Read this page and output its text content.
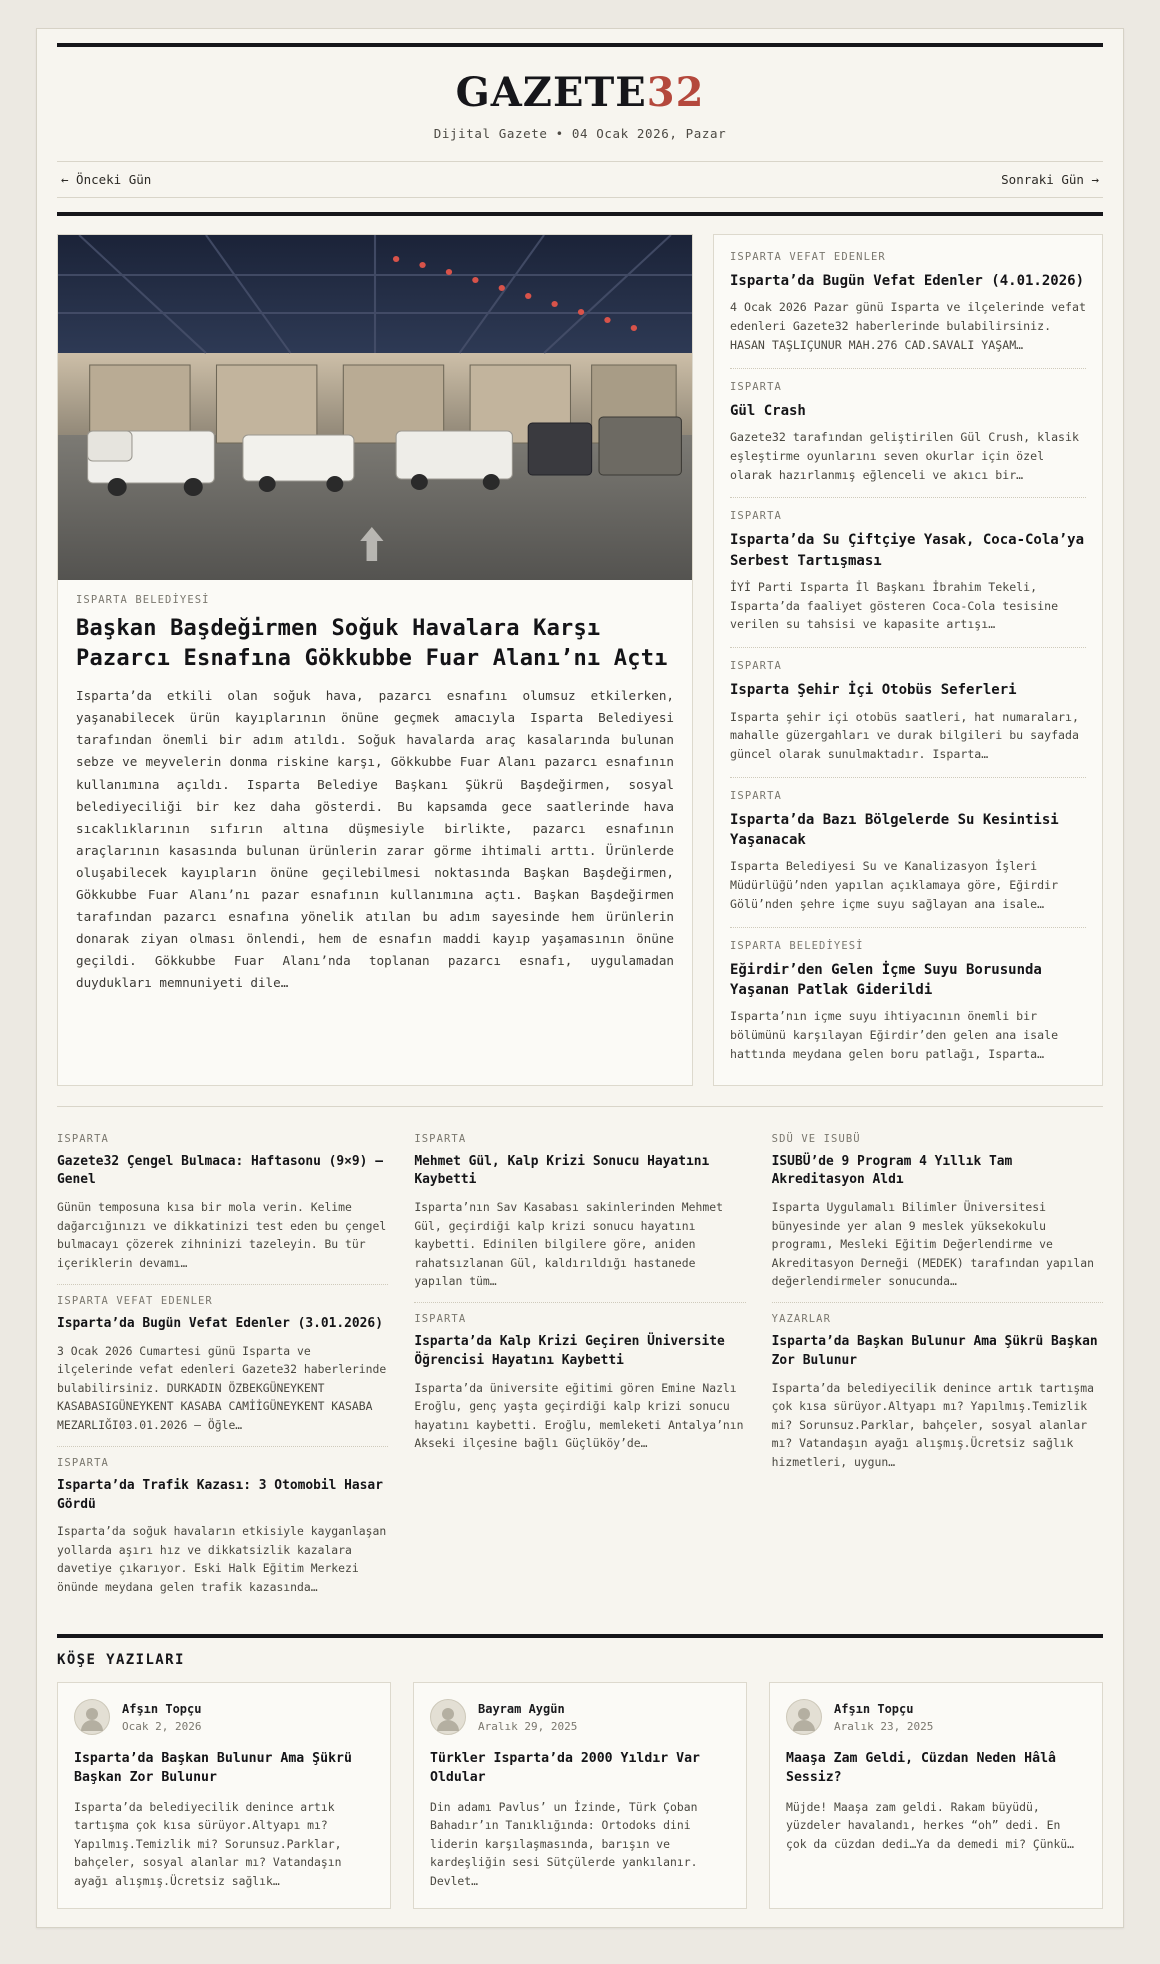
GAZETE32
Dijital Gazete • 04 Ocak 2026, Pazar
← Önceki Gün	Sonraki Gün →
ISPARTA BELEDİYESİ
Başkan Başdeğirmen Soğuk Havalara Karşı Pazarcı Esnafına Gökkubbe Fuar Alanı’nı Açtı

Isparta’da etkili olan soğuk hava, pazarcı esnafını olumsuz etkilerken, yaşanabilecek ürün kayıplarının önüne geçmek amacıyla Isparta Belediyesi tarafından önemli bir adım atıldı. Soğuk havalarda araç kasalarında bulunan sebze ve meyvelerin donma riskine karşı, Gökkubbe Fuar Alanı pazarcı esnafının kullanımına açıldı. Isparta Belediye Başkanı Şükrü Başdeğirmen, sosyal belediyeciliği bir kez daha gösterdi. Bu kapsamda gece saatlerinde hava sıcaklıklarının sıfırın altına düşmesiyle birlikte, pazarcı esnafının araçlarının kasasında bulunan ürünlerin zarar görme ihtimali arttı. Ürünlerde oluşabilecek kayıpların önüne geçilebilmesi noktasında Başkan Başdeğirmen, Gökkubbe Fuar Alanı’nı pazar esnafının kullanımına açtı. Başkan Başdeğirmen tarafından pazarcı esnafına yönelik atılan bu adım sayesinde hem ürünlerin donarak ziyan olması önlendi, hem de esnafın maddi kayıp yaşamasının önüne geçildi. Gökkubbe Fuar Alanı’nda toplanan pazarcı esnafı, uygulamadan duydukları memnuniyeti dile…

ISPARTA VEFAT EDENLER
Isparta’da Bugün Vefat Edenler (4.01.2026)

4 Ocak 2026 Pazar günü Isparta ve ilçelerinde vefat edenleri Gazete32 haberlerinde bulabilirsiniz. HASAN TAŞLIÇUNUR MAH.276 CAD.SAVALI YAŞAM…

ISPARTA
Gül Crash

Gazete32 tarafından geliştirilen Gül Crush, klasik eşleştirme oyunlarını seven okurlar için özel olarak hazırlanmış eğlenceli ve akıcı bir…

ISPARTA
Isparta’da Su Çiftçiye Yasak, Coca-Cola’ya Serbest Tartışması

İYİ Parti Isparta İl Başkanı İbrahim Tekeli, Isparta’da faaliyet gösteren Coca-Cola tesisine verilen su tahsisi ve kapasite artışı…

ISPARTA
Isparta Şehir İçi Otobüs Seferleri

Isparta şehir içi otobüs saatleri, hat numaraları, mahalle güzergahları ve durak bilgileri bu sayfada güncel olarak sunulmaktadır. Isparta…

ISPARTA
Isparta’da Bazı Bölgelerde Su Kesintisi Yaşanacak

Isparta Belediyesi Su ve Kanalizasyon İşleri Müdürlüğü’nden yapılan açıklamaya göre, Eğirdir Gölü’nden şehre içme suyu sağlayan ana isale…

ISPARTA BELEDİYESİ
Eğirdir’den Gelen İçme Suyu Borusunda Yaşanan Patlak Giderildi

Isparta’nın içme suyu ihtiyacının önemli bir bölümünü karşılayan Eğirdir’den gelen ana isale hattında meydana gelen boru patlağı, Isparta…

ISPARTA
Gazete32 Çengel Bulmaca: Haftasonu (9×9) – Genel

Günün temposuna kısa bir mola verin. Kelime dağarcığınızı ve dikkatinizi test eden bu çengel bulmacayı çözerek zihninizi tazeleyin. Bu tür içeriklerin devamı…

ISPARTA VEFAT EDENLER
Isparta’da Bugün Vefat Edenler (3.01.2026)

3 Ocak 2026 Cumartesi günü Isparta ve ilçelerinde vefat edenleri Gazete32 haberlerinde bulabilirsiniz. DURKADIN ÖZBEKGÜNEYKENT KASABASIGÜNEYKENT KASABA CAMİİGÜNEYKENT KASABA MEZARLIĞI03.01.2026 – Öğle…

ISPARTA
Isparta’da Trafik Kazası: 3 Otomobil Hasar Gördü

Isparta’da soğuk havaların etkisiyle kayganlaşan yollarda aşırı hız ve dikkatsizlik kazalara davetiye çıkarıyor. Eski Halk Eğitim Merkezi önünde meydana gelen trafik kazasında…

ISPARTA
Mehmet Gül, Kalp Krizi Sonucu Hayatını Kaybetti

Isparta’nın Sav Kasabası sakinlerinden Mehmet Gül, geçirdiği kalp krizi sonucu hayatını kaybetti. Edinilen bilgilere göre, aniden rahatsızlanan Gül, kaldırıldığı hastanede yapılan tüm…

ISPARTA
Isparta’da Kalp Krizi Geçiren Üniversite Öğrencisi Hayatını Kaybetti

Isparta’da üniversite eğitimi gören Emine Nazlı Eroğlu, genç yaşta geçirdiği kalp krizi sonucu hayatını kaybetti. Eroğlu, memleketi Antalya’nın Akseki ilçesine bağlı Güçlüköy’de…

SDÜ VE ISUBÜ
ISUBÜ’de 9 Program 4 Yıllık Tam Akreditasyon Aldı

Isparta Uygulamalı Bilimler Üniversitesi bünyesinde yer alan 9 meslek yüksekokulu programı, Mesleki Eğitim Değerlendirme ve Akreditasyon Derneği (MEDEK) tarafından yapılan değerlendirmeler sonucunda…

YAZARLAR
Isparta’da Başkan Bulunur Ama Şükrü Başkan Zor Bulunur

Isparta’da belediyecilik denince artık tartışma çok kısa sürüyor.Altyapı mı? Yapılmış.Temizlik mi? Sorunsuz.Parklar, bahçeler, sosyal alanlar mı? Vatandaşın ayağı alışmış.Ücretsiz sağlık hizmetleri, uygun…

KÖŞE YAZILARI
Afşın Topçu
Ocak 2, 2026
Isparta’da Başkan Bulunur Ama Şükrü Başkan Zor Bulunur

Isparta’da belediyecilik denince artık tartışma çok kısa sürüyor.Altyapı mı? Yapılmış.Temizlik mi? Sorunsuz.Parklar, bahçeler, sosyal alanlar mı? Vatandaşın ayağı alışmış.Ücretsiz sağlık…

Bayram Aygün
Aralık 29, 2025
Türkler Isparta’da 2000 Yıldır Var Oldular

Din adamı Pavlus’ un İzinde, Türk Çoban Bahadır’ın Tanıklığında: Ortodoks dini liderin karşılaşmasında, barışın ve kardeşliğin sesi Sütçülerde yankılanır. Devlet…

Afşın Topçu
Aralık 23, 2025
Maaşa Zam Geldi, Cüzdan Neden Hâlâ Sessiz?

Müjde! Maaşa zam geldi. Rakam büyüdü, yüzdeler havalandı, herkes “oh” dedi. En çok da cüzdan dedi…Ya da demedi mi? Çünkü…
